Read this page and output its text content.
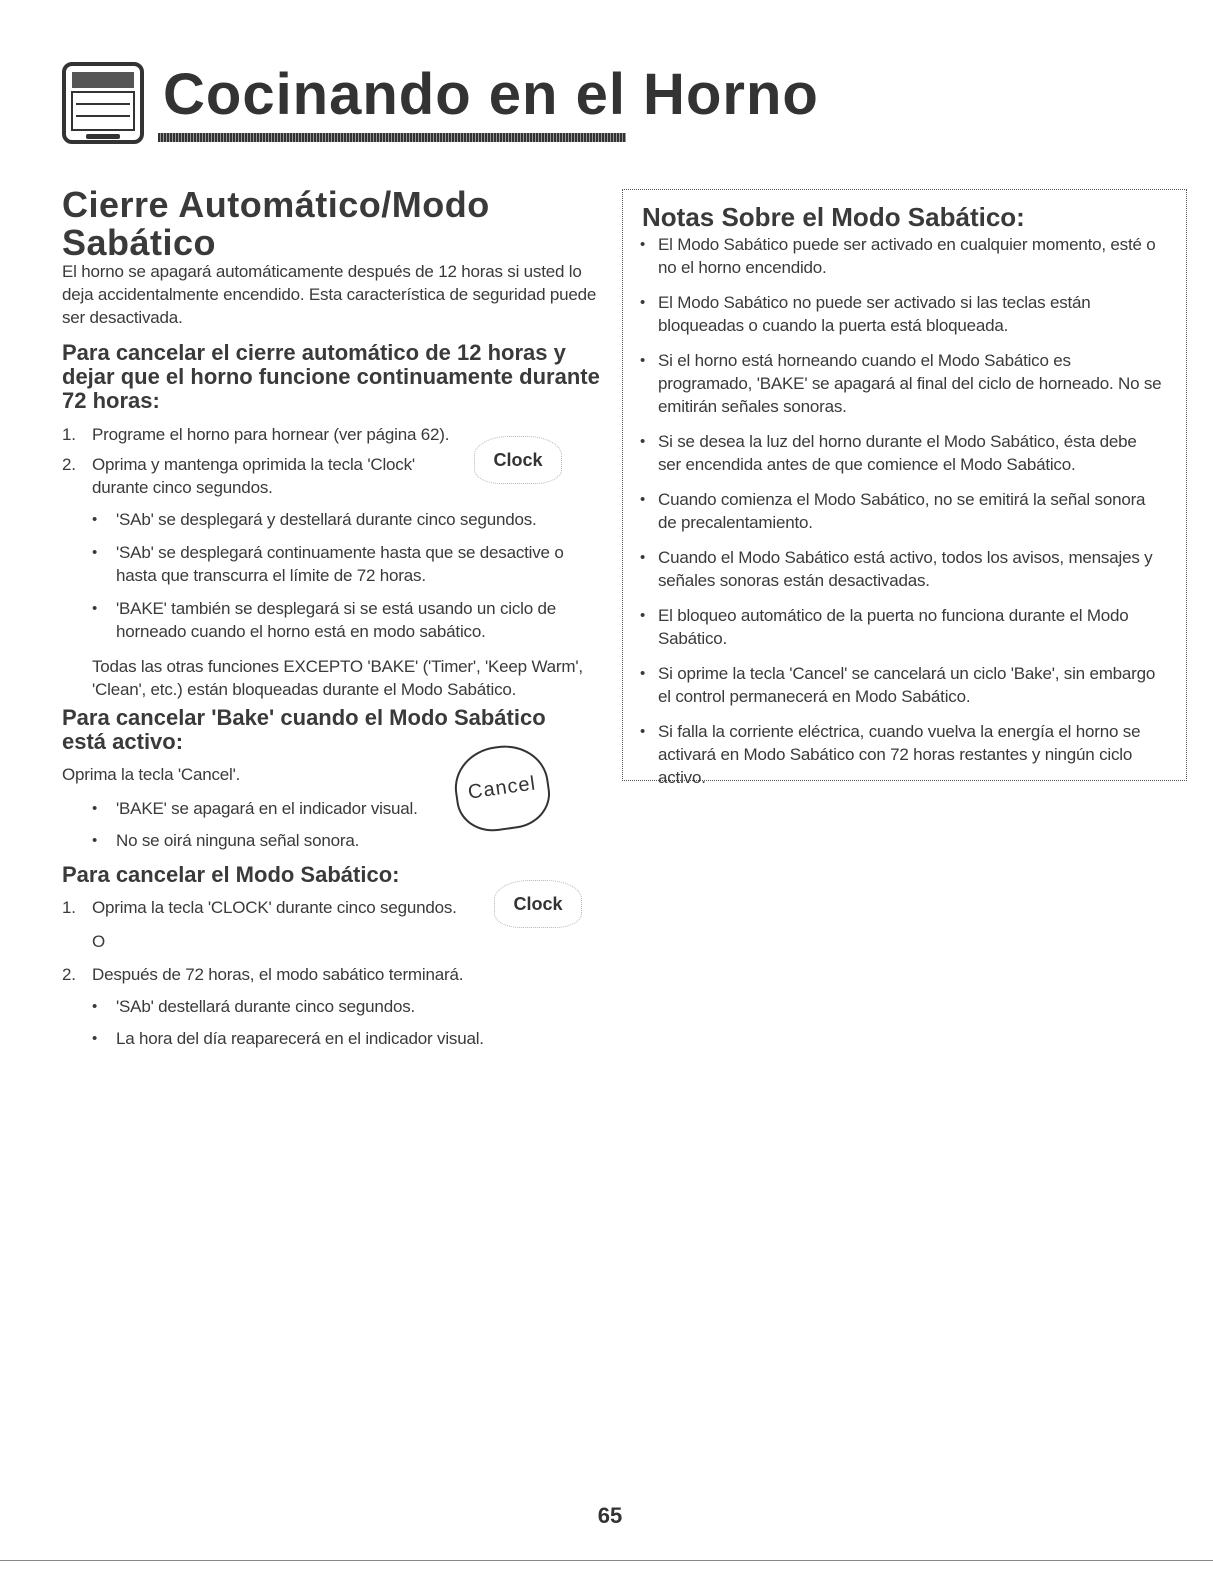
Cocinando en el Horno
Cierre Automático/Modo Sabático
El horno se apagará automáticamente después de 12 horas si usted lo deja accidentalmente encendido. Esta característica de seguridad puede ser desactivada.
Para cancelar el cierre automático de 12 horas y dejar que el horno funcione continuamente durante 72 horas:
1. Programe el horno para hornear (ver página 62).
2. Oprima y mantenga oprimida la tecla 'Clock'
durante cinco segundos.
Clock
• 'SAb' se desplegará y destellará durante cinco segundos.
• 'SAb' se desplegará continuamente hasta que se desactive o hasta que transcurra el límite de 72 horas.
• 'BAKE' también se desplegará si se está usando un ciclo de horneado cuando el horno está en modo sabático.
Todas las otras funciones EXCEPTO 'BAKE' ('Timer', 'Keep Warm', 'Clean', etc.) están bloqueadas durante el Modo Sabático.
Para cancelar 'Bake' cuando el Modo Sabático está activo:
Oprima la tecla 'Cancel'.	Cancel
• 'BAKE' se apagará en el indicador visual.
• No se oirá ninguna señal sonora.
Para cancelar el Modo Sabático:
1. Oprima la tecla 'CLOCK' durante cinco segundos.	Clock
O
2. Después de 72 horas, el modo sabático terminará.
• 'SAb' destellará durante cinco segundos.
• La hora del día reaparecerá en el indicador visual.
Notas Sobre el Modo Sabático:
• El Modo Sabático puede ser activado en cualquier momento, esté o no el horno encendido.
• El Modo Sabático no puede ser activado si las teclas están bloqueadas o cuando la puerta está bloqueada.
• Si el horno está horneando cuando el Modo Sabático es programado, 'BAKE' se apagará al final del ciclo de horneado. No se emitirán señales sonoras.
• Si se desea la luz del horno durante el Modo Sabático, ésta debe ser encendida antes de que comience el Modo Sabático.
• Cuando comienza el Modo Sabático, no se emitirá la señal sonora de precalentamiento.
• Cuando el Modo Sabático está activo, todos los avisos, mensajes y señales sonoras están desactivadas.
• El bloqueo automático de la puerta no funciona durante el Modo Sabático.
• Si oprime la tecla 'Cancel' se cancelará un ciclo 'Bake', sin embargo el control permanecerá en Modo Sabático.
• Si falla la corriente eléctrica, cuando vuelva la energía el horno se activará en Modo Sabático con 72 horas restantes y ningún ciclo activo.
65
